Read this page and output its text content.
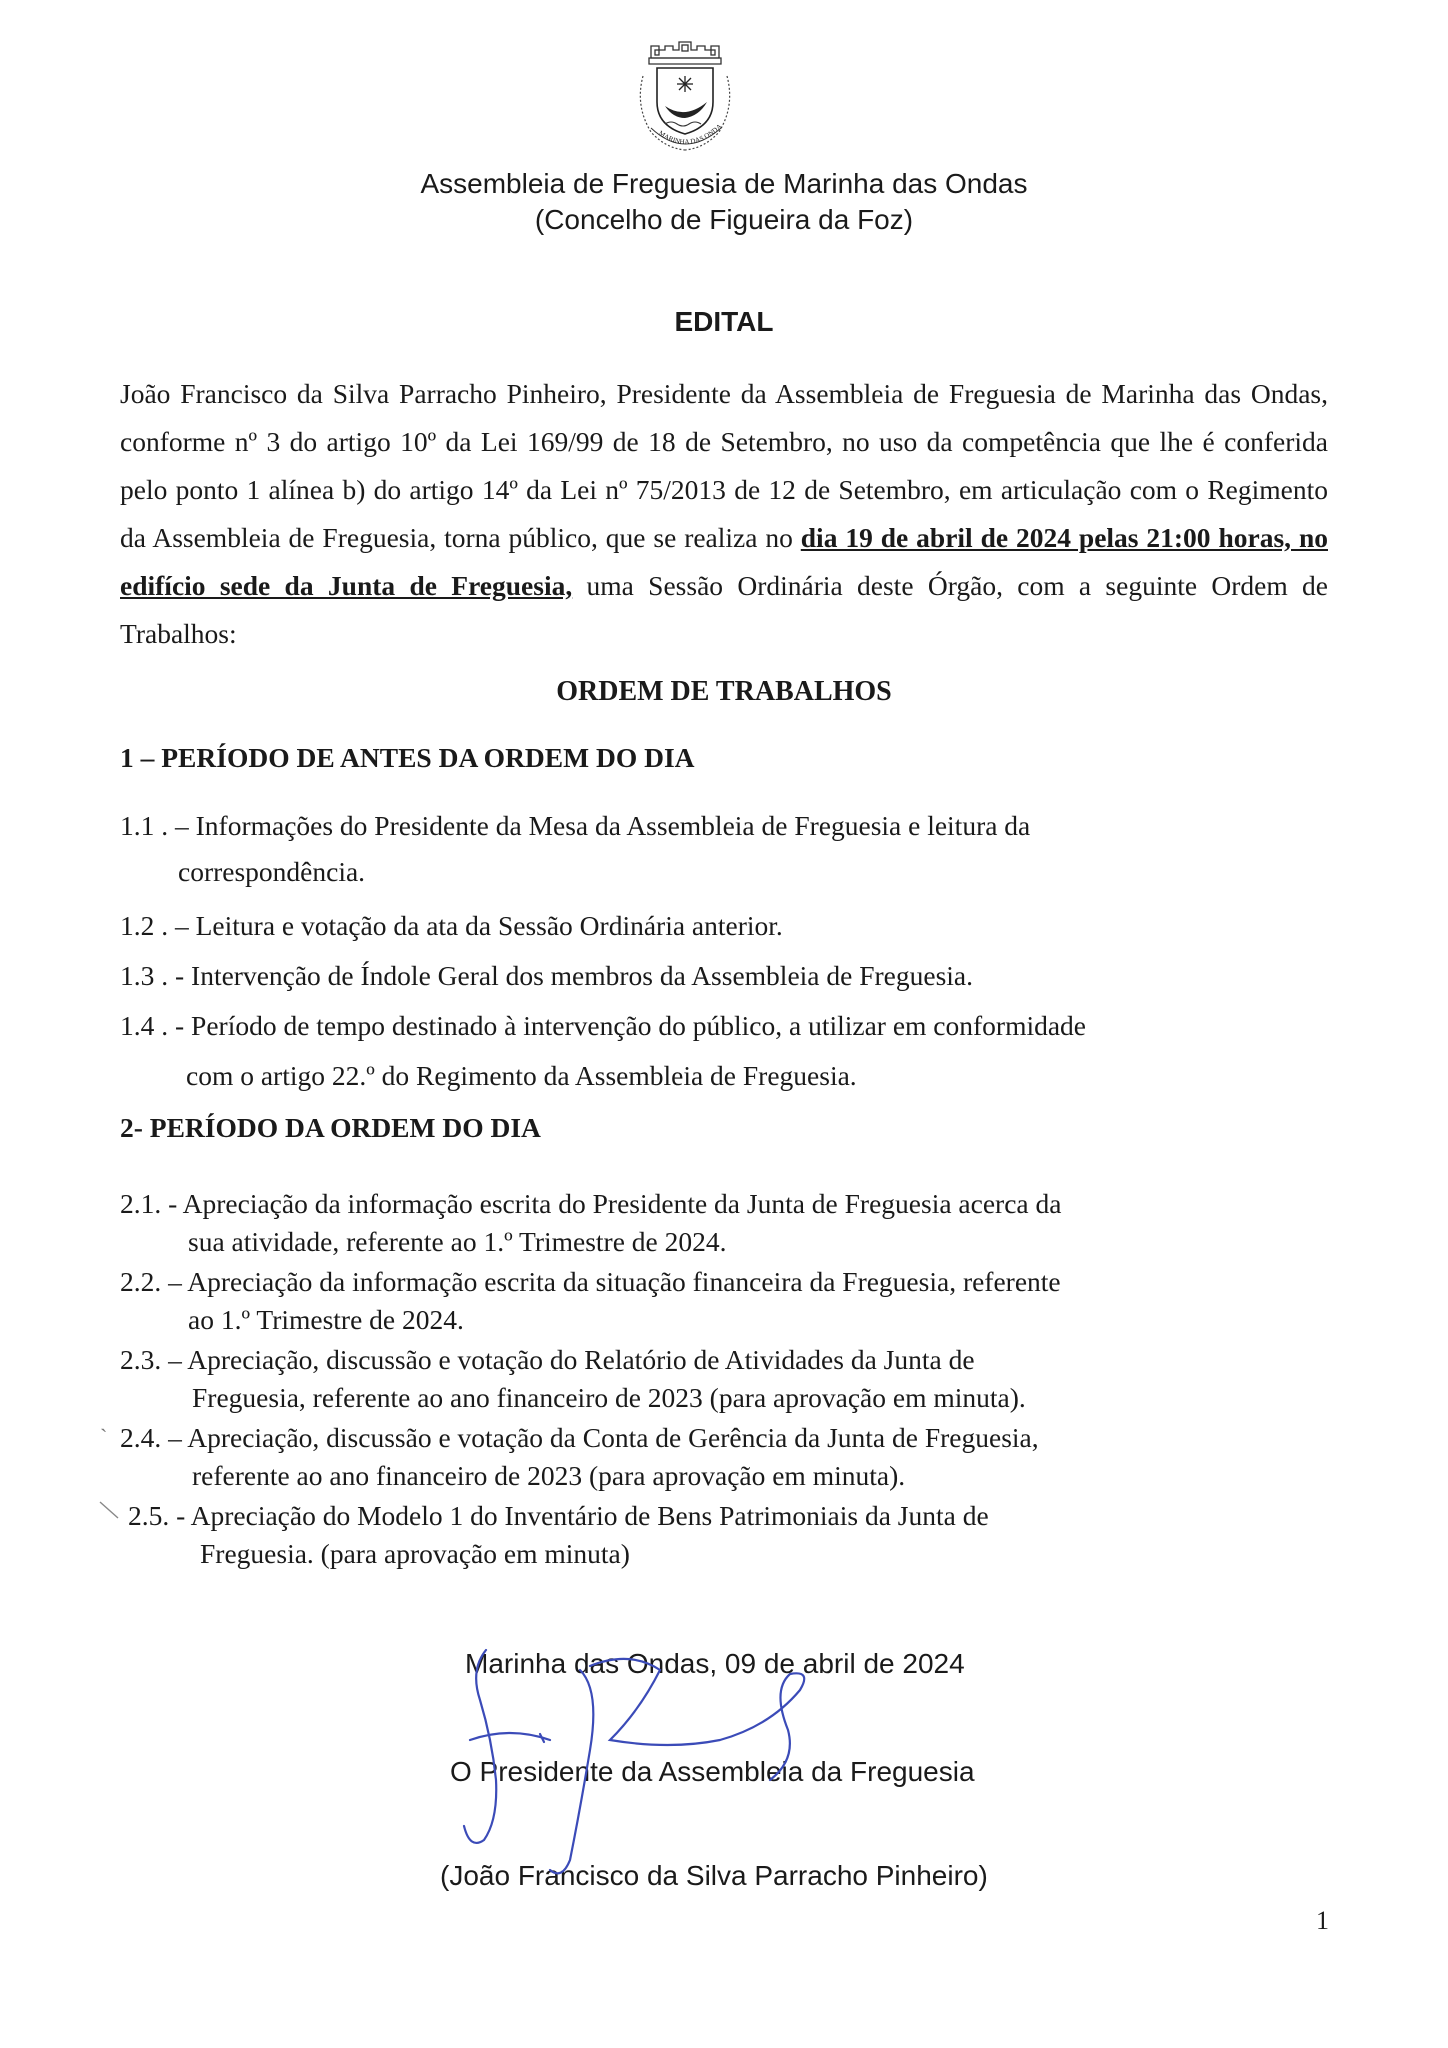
MARINHA DAS ONDA
Assembleia de Freguesia de Marinha das Ondas
(Concelho de Figueira da Foz)
EDITAL
João Francisco da Silva Parracho Pinheiro, Presidente da Assembleia de Freguesia de Marinha das Ondas, conforme nº 3 do artigo 10º da Lei 169/99 de 18 de Setembro, no uso da competência que lhe é conferida pelo ponto 1 alínea b) do artigo 14º da Lei nº 75/2013 de 12 de Setembro, em articulação com o Regimento da Assembleia de Freguesia, torna público, que se realiza no dia 19 de abril de 2024 pelas 21:00 horas, no edifício sede da Junta de Freguesia, uma Sessão Ordinária deste Órgão, com a seguinte Ordem de Trabalhos:
ORDEM DE TRABALHOS
1 – PERÍODO DE ANTES DA ORDEM DO DIA
1.1 . – Informações do Presidente da Mesa da Assembleia de Freguesia e leitura da
correspondência.
1.2 . – Leitura e votação da ata da Sessão Ordinária anterior.
1.3 . - Intervenção de Índole Geral dos membros da Assembleia de Freguesia.
1.4 . - Período de tempo destinado à intervenção do público, a utilizar em conformidade
com o artigo 22.º do Regimento da Assembleia de Freguesia.
2- PERÍODO DA ORDEM DO DIA
2.1. - Apreciação da informação escrita do Presidente da Junta de Freguesia acerca da
sua atividade, referente ao 1.º Trimestre de 2024.
2.2. – Apreciação da informação escrita da situação financeira da Freguesia, referente
ao 1.º Trimestre de 2024.
2.3. – Apreciação, discussão e votação do Relatório de Atividades da Junta de
Freguesia, referente ao ano financeiro de 2023 (para aprovação em minuta).
ˋ 2.4. – Apreciação, discussão e votação da Conta de Gerência da Junta de Freguesia,
referente ao ano financeiro de 2023 (para aprovação em minuta).
2.5. - Apreciação do Modelo 1 do Inventário de Bens Patrimoniais da Junta de
Freguesia. (para aprovação em minuta)
Marinha das Ondas, 09 de abril de 2024
O Presidente da Assembleia da Freguesia
(João Francisco da Silva Parracho Pinheiro)
1
